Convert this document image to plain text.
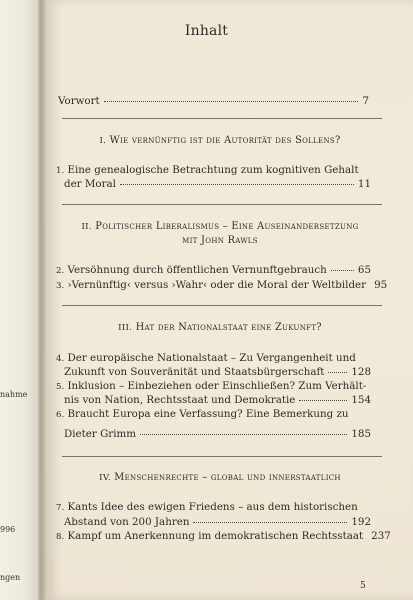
nahme
996
ngen
Inhalt
Vorwort	7
I. Wie vernünftig ist die Autorität des Sollens?
1. Eine genealogische Betrachtung zum kognitiven Gehalt
der Moral	11
II. Politischer Liberalismus – Eine Auseinandersetzung
mit John Rawls
2. Versöhnung durch öffentlichen Vernunftgebrauch	65
3. ›Vernünftig‹ versus ›Wahr‹ oder die Moral der Weltbilder 95
III. Hat der Nationalstaat eine Zukunft?
4. Der europäische Nationalstaat – Zu Vergangenheit und
Zukunft von Souveränität und Staatsbürgerschaft	128
5. Inklusion – Einbeziehen oder Einschließen? Zum Verhält-
nis von Nation, Rechtsstaat und Demokratie	154
6. Braucht Europa eine Verfassung? Eine Bemerkung zu
Dieter Grimm	185
IV. Menschenrechte – global und innerstaatlich
7. Kants Idee des ewigen Friedens – aus dem historischen
Abstand von 200 Jahren	192
8. Kampf um Anerkennung im demokratischen Rechtsstaat 237
5
